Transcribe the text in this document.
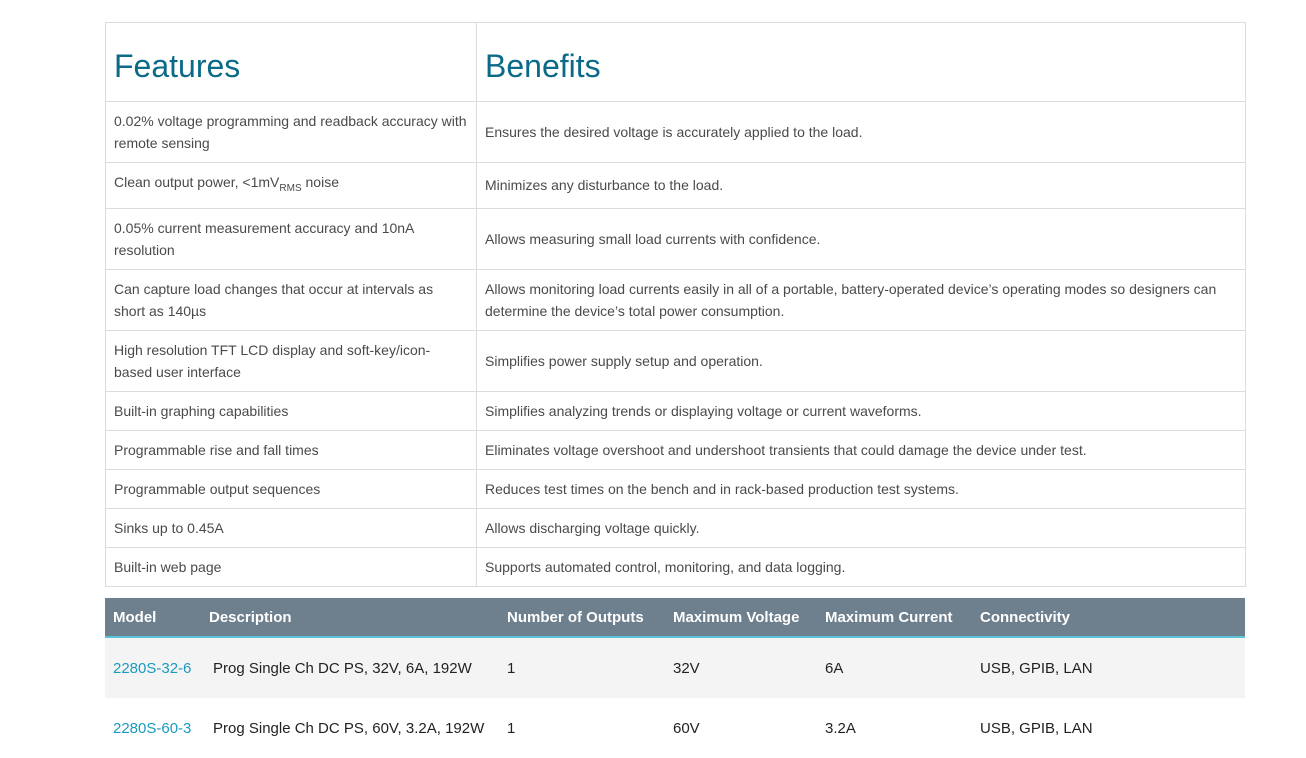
Features	Benefits
0.02% voltage programming and readback accuracy with remote sensing	Ensures the desired voltage is accurately applied to the load.
Clean output power, $<1mV_{RMS}$ noise	Minimizes any disturbance to the load.
0.05% current measurement accuracy and 10nA resolution	Allows measuring small load currents with confidence.
Can capture load changes that occur at intervals as short as 140µs	Allows monitoring load currents easily in all of a portable, battery-operated device’s operating modes so designers can determine the device’s total power consumption.
High resolution TFT LCD display and soft-key/icon-based user interface	Simplifies power supply setup and operation.
Built-in graphing capabilities	Simplifies analyzing trends or displaying voltage or current waveforms.
Programmable rise and fall times	Eliminates voltage overshoot and undershoot transients that could damage the device under test.
Programmable output sequences	Reduces test times on the bench and in rack-based production test systems.
Sinks up to 0.45A	Allows discharging voltage quickly.
Built-in web page	Supports automated control, monitoring, and data logging.
Model	Description	Number of Outputs	Maximum Voltage	Maximum Current	Connectivity
2280S-32-6	Prog Single Ch DC PS, 32V, 6A, 192W	1	32V	6A	USB, GPIB, LAN
2280S-60-3	Prog Single Ch DC PS, 60V, 3.2A, 192W	1	60V	3.2A	USB, GPIB, LAN
